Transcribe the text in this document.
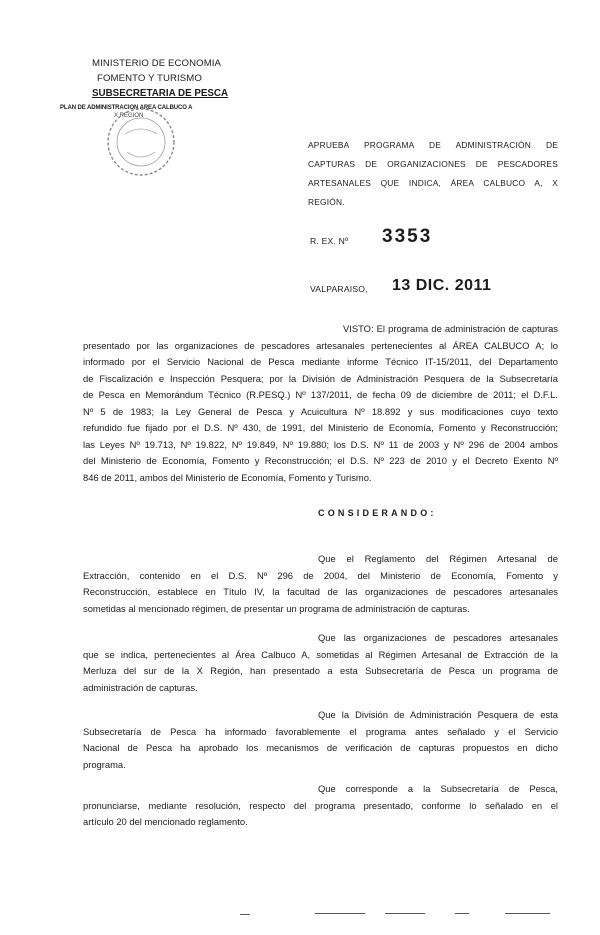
MINISTERIO DE ECONOMIA
FOMENTO Y TURISMO
SUBSECRETARIA DE PESCA
PLAN DE ADMINISTRACION AREA CALBUCO A
X REGION
APRUEBA PROGRAMA DE ADMINISTRACIÓN DE
CAPTURAS DE ORGANIZACIONES DE PESCADORES
ARTESANALES QUE INDICA, ÁREA CALBUCO A, X
REGIÓN.
R. EX. Nº 3353
VALPARAISO, 13 DIC. 2011
VISTO: El programa de administración de capturas
presentado por las organizaciones de pescadores artesanales pertenecientes al ÁREA CALBUCO A; lo
informado por el Servicio Nacional de Pesca mediante informe Técnico IT-15/2011, del Departamento
de Fiscalización e Inspección Pesquera; por la División de Administración Pesquera de la Subsecretaría
de Pesca en Memorándum Técnico (R.PESQ.) Nº 137/2011, de fecha 09 de diciembre de 2011; el D.F.L.
Nº 5 de 1983; la Ley General de Pesca y Acuicultura Nº 18.892 y sus modificaciones cuyo texto
refundido fue fijado por el D.S. Nº 430, de 1991, del Ministerio de Economía, Fomento y Reconstrucción;
las Leyes Nº 19.713, Nº 19.822, Nº 19.849, Nº 19.880; los D.S. Nº 11 de 2003 y Nº 296 de 2004 ambos
del Ministerio de Economía, Fomento y Reconstrucción; el D.S. Nº 223 de 2010 y el Decreto Exento Nº
846 de 2011, ambos del Ministerio de Economía, Fomento y Turismo.
CONSIDERANDO:
Que el Reglamento del Régimen Artesanal de
Extracción, contenido en el D.S. Nº 296 de 2004, del Ministerio de Economía, Fomento y
Reconstrucción, establece en Título IV, la facultad de las organizaciones de pescadores artesanales
sometidas al mencionado régimen, de presentar un programa de administración de capturas.
Que las organizaciones de pescadores artesanales
que se indica, pertenecientes al Área Calbuco A, sometidas al Régimen Artesanal de Extracción de la
Merluza del sur de la X Región, han presentado a esta Subsecretaría de Pesca un programa de
administración de capturas.
Que la División de Administración Pesquera de esta
Subsecretaría de Pesca ha informado favorablemente el programa antes señalado y el Servicio
Nacional de Pesca ha aprobado los mecanismos de verificación de capturas propuestos en dicho
programa.
Que corresponde a la Subsecretaría de Pesca,
pronunciarse, mediante resolución, respecto del programa presentado, conforme lo señalado en el
artículo 20 del mencionado reglamento.
